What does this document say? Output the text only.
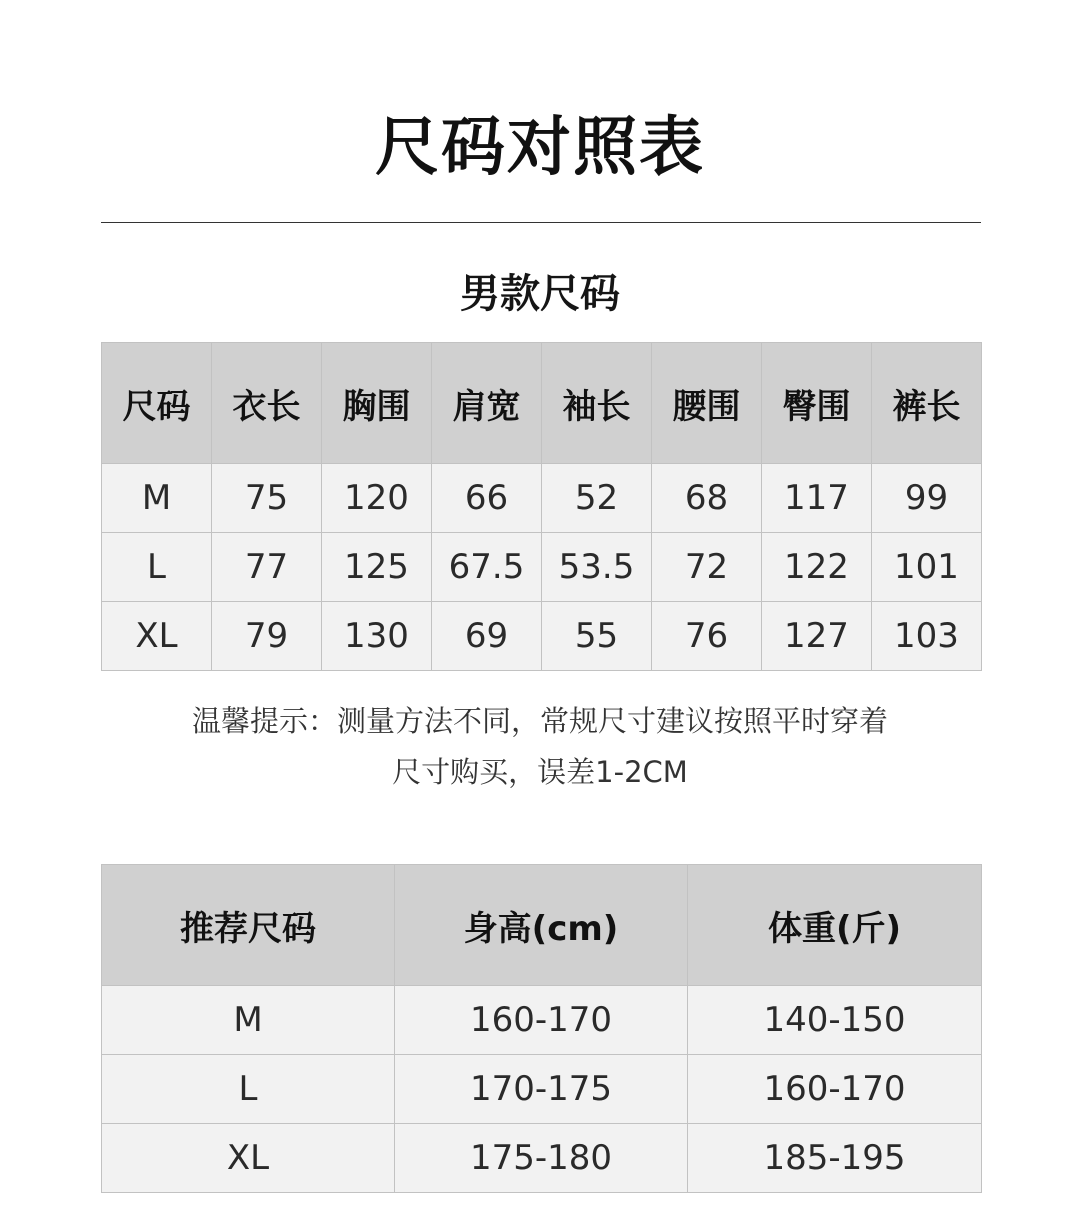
尺码对照表
男款尺码
尺码	衣长	胸围	肩宽	袖长	腰围	臀围	裤长
M	75	120	66	52	68	117	99
L	77	125	67.5	53.5	72	122	101
XL	79	130	69	55	76	127	103
温馨提示：测量方法不同，常规尺寸建议按照平时穿着
尺寸购买，误差1-2CM
推荐尺码	身高(cm)	体重(斤)
M	160-170	140-150
L	170-175	160-170
XL	175-180	185-195
